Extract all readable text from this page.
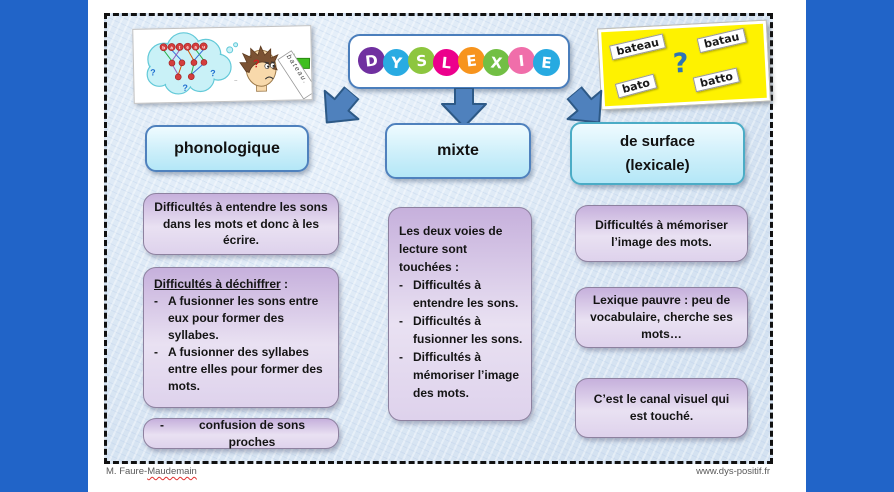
b a t e a u
?	?
?
?	bateau.
~
D Y S L E X I	E
bateau	batau
bato	batto
?
phonologique	mixte
de surface
(lexicale)
Difficultés à entendre les sons dans les mots et donc à les écrire.
Difficultés à déchiffrer :
- A fusionner les sons entre eux pour former des syllabes.
- A fusionner des syllabes entre elles pour former des mots.
-	confusion de sons proches
Les deux voies de lecture sont touchées :
- Difficultés à entendre les sons.
- Difficultés à fusionner les sons.
- Difficultés à mémoriser l’image des mots.
Difficultés à mémoriser l’image des mots.
Lexique pauvre : peu de vocabulaire, cherche ses mots…
C’est le canal visuel qui est touché.
M. Faure-Maudemain	www.dys-positif.fr
